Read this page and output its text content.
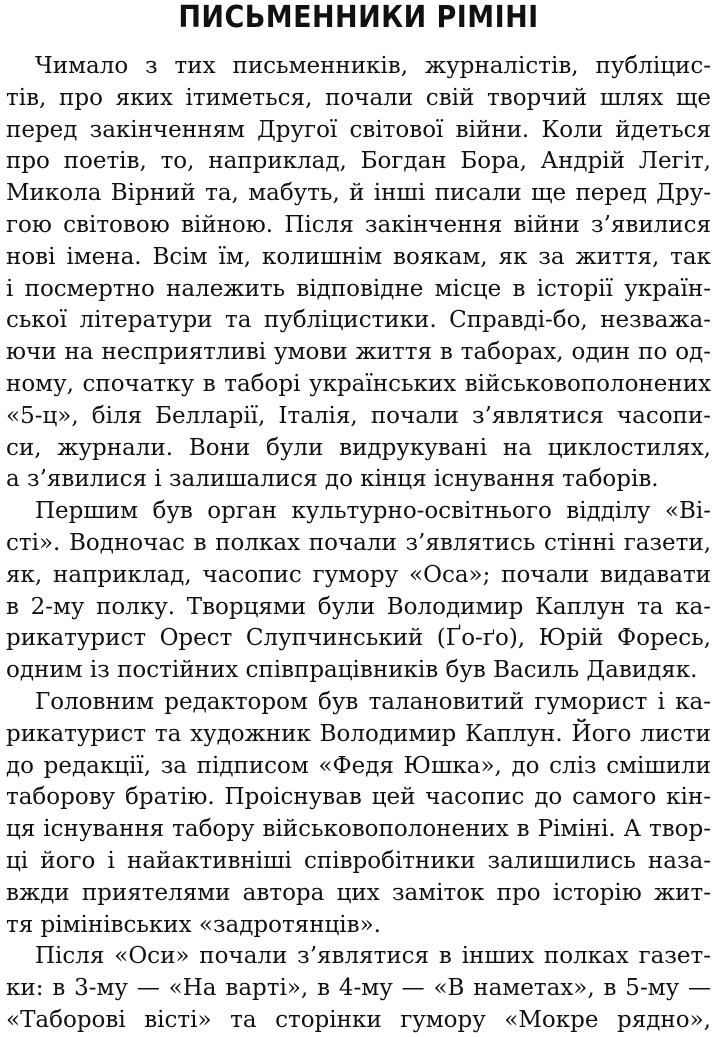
ПИСЬМЕННИКИ РІМІНІ
Чимало з тих письменників, журналістів, публіцис-
тів, про яких ітиметься, почали свій творчий шлях ще
перед закінченням Другої світової війни. Коли йдеться
про поетів, то, наприклад, Богдан Бора, Андрій Легіт,
Микола Вірний та, мабуть, й інші писали ще перед Дру-
гою світовою війною. Після закінчення війни з’явилися
нові імена. Всім їм, колишнім воякам, як за життя, так
і посмертно належить відповідне місце в історії україн-
ської літератури та публіцистики. Справді-бо, незважа-
ючи на несприятливі умови життя в таборах, один по од-
ному, спочатку в таборі українських військовополонених
«5-ц», біля Белларії, Італія, почали з’являтися часопи-
си, журнали. Вони були видрукувані на циклостилях,
а з’явилися і залишалися до кінця існування таборів.
Першим був орган культурно-освітнього відділу «Ві-
сті». Водночас в полках почали з’являтись стінні газети,
як, наприклад, часопис гумору «Оса»; почали видавати
в 2-му полку. Творцями були Володимир Каплун та ка-
рикатурист Орест Слупчинський (Ґо-ґо), Юрій Форесь,
одним із постійних співпрацівників був Василь Давидяк.
Головним редактором був талановитий гуморист і ка-
рикатурист та художник Володимир Каплун. Його листи
до редакції, за підписом «Федя Юшка», до сліз смішили
таборову братію. Проіснував цей часопис до самого кін-
ця існування табору військовополонених в Ріміні. А твор-
ці його і найактивніші співробітники залишились наза-
вжди приятелями автора цих заміток про історію жит-
тя рімінівських «задротянців».
Після «Оси» почали з’являтися в інших полках газет-
ки: в 3-му — «На варті», в 4-му — «В наметах», в 5-му —
«Таборові вісті» та сторінки гумору «Мокре рядно»,
